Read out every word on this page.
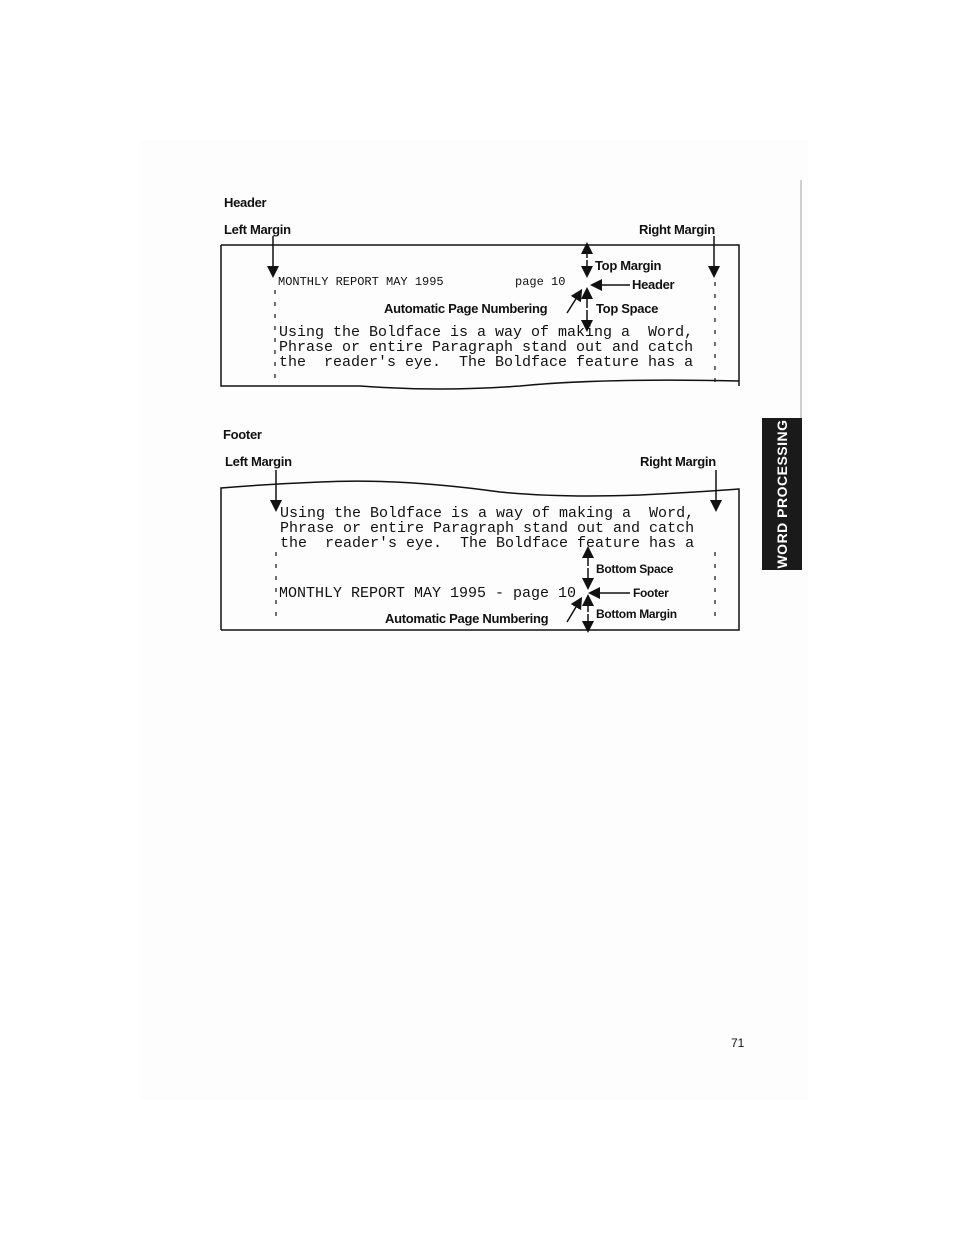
WORD PROCESSING
Header
Left Margin	Right Margin
MONTHLY REPORT MAY 1995	page 10
Top Margin
Header
Automatic Page Numbering	Top Space
Using the Boldface is a way of making a  Word,
Phrase or entire Paragraph stand out and catch
the  reader's eye.  The Boldface feature has a
Footer
Left Margin	Right Margin
Using the Boldface is a way of making a  Word,
Phrase or entire Paragraph stand out and catch
the  reader's eye.  The Boldface feature has a
Bottom Space
MONTHLY REPORT MAY 1995 - page 10	Footer
Automatic Page Numbering	Bottom Margin
71
